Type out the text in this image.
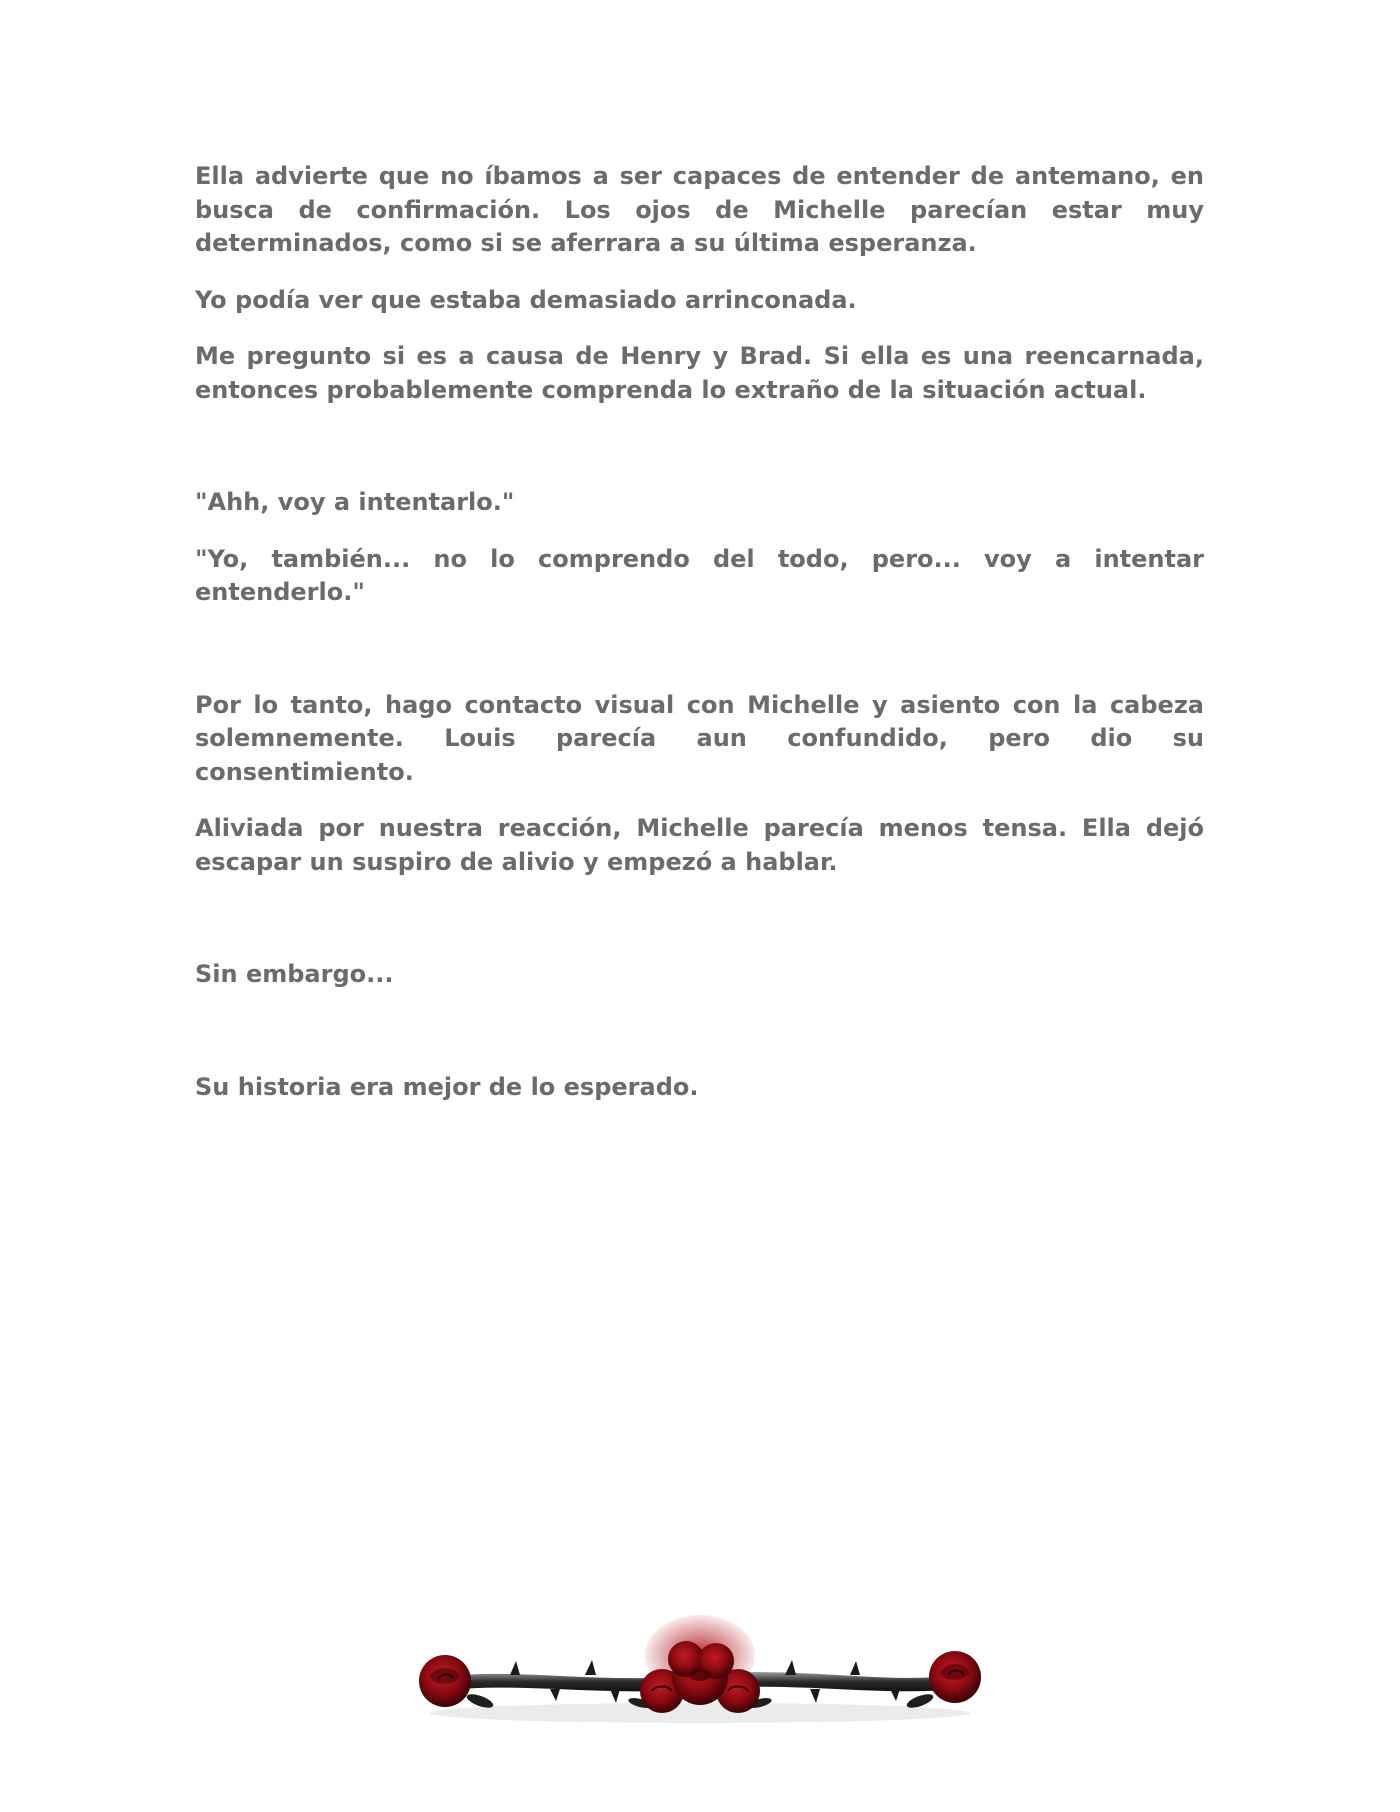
Ella advierte que no íbamos a ser capaces de entender de antemano, en busca de confirmación. Los ojos de Michelle parecían estar muy determinados, como si se aferrara a su última esperanza.

Yo podía ver que estaba demasiado arrinconada.

Me pregunto si es a causa de Henry y Brad. Si ella es una reencarnada, entonces probablemente comprenda lo extraño de la situación actual.

"Ahh, voy a intentarlo."

"Yo, también... no lo comprendo del todo, pero... voy a intentar entenderlo."

Por lo tanto, hago contacto visual con Michelle y asiento con la cabeza solemnemente. Louis parecía aun confundido, pero dio su consentimiento.

Aliviada por nuestra reacción, Michelle parecía menos tensa. Ella dejó escapar un suspiro de alivio y empezó a hablar.

Sin embargo...

Su historia era mejor de lo esperado.
